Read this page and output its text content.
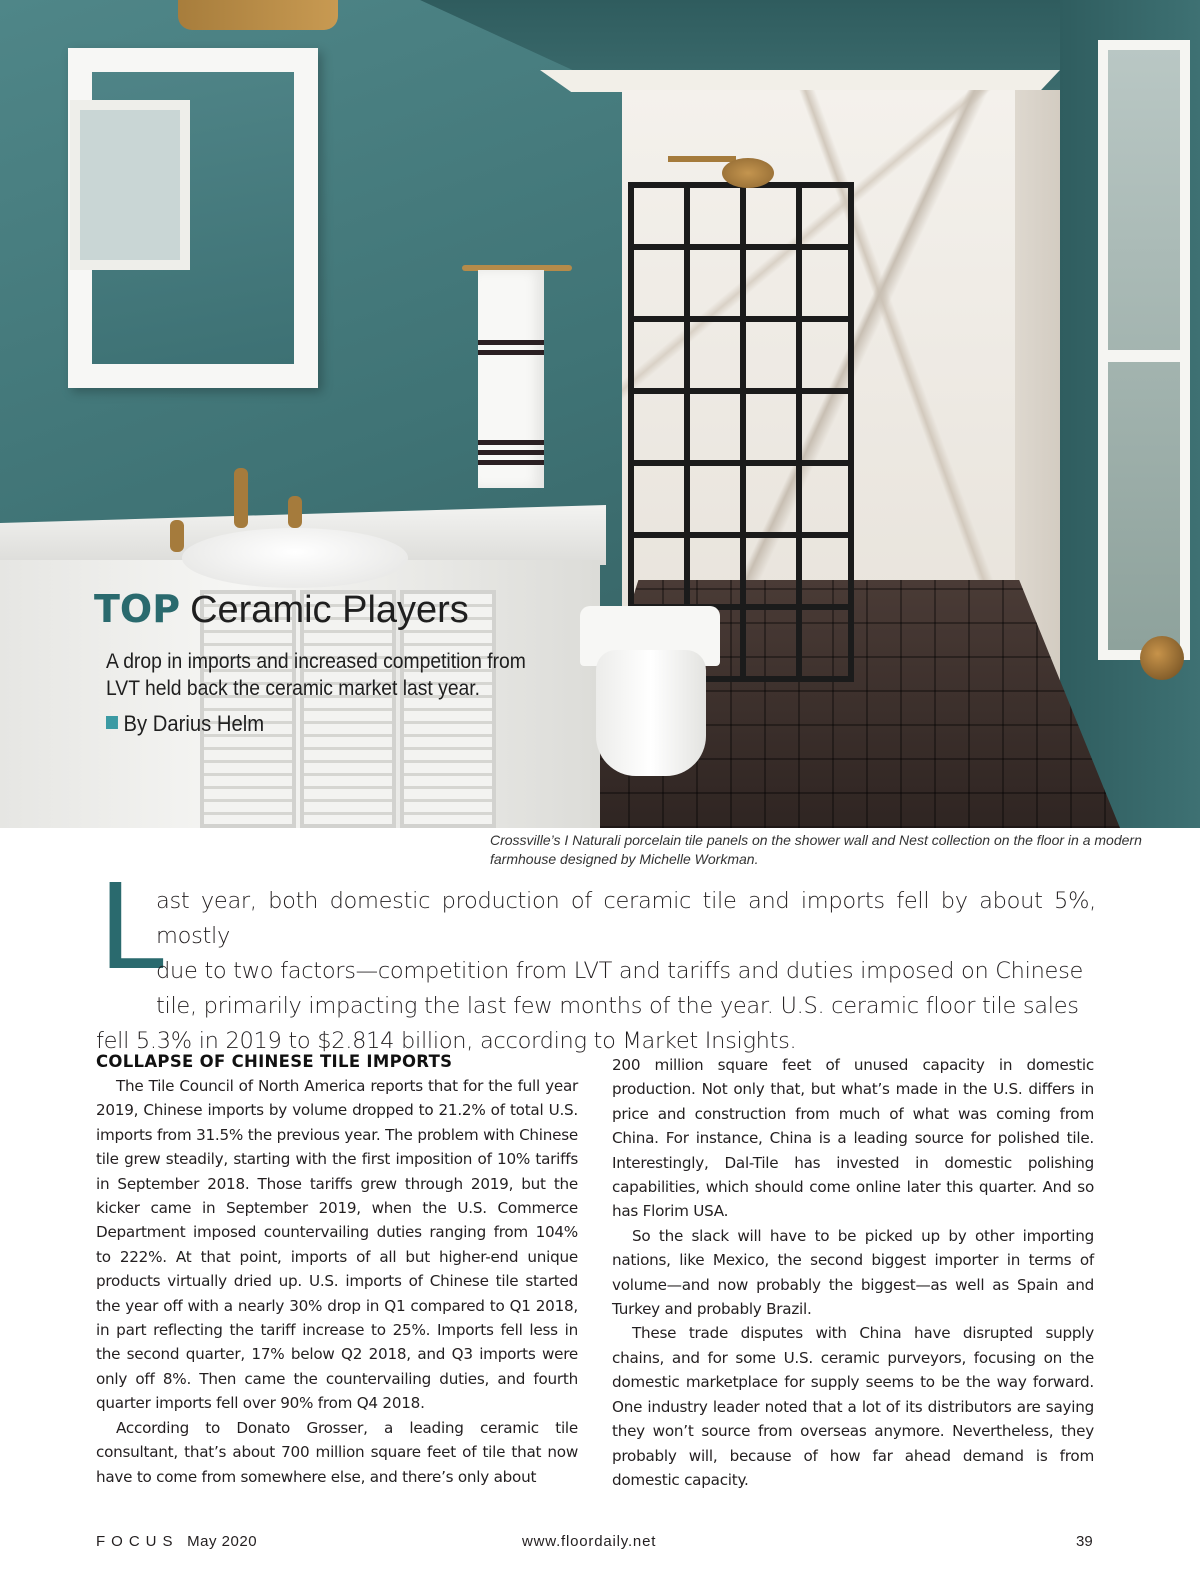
TOP Ceramic Players

A drop in imports and increased competition from LVT held back the ceramic market last year.

By Darius Helm

Crossville’s I Naturali porcelain tile panels on the shower wall and Nest collection on the floor in a modern farmhouse designed by Michelle Workman.

L

ast year, both domestic production of ceramic tile and imports fell by about 5%, mostly
due to two factors—competition from LVT and tariffs and duties imposed on Chinese
tile, primarily impacting the last few months of the year. U.S. ceramic floor tile sales
fell 5.3% in 2019 to $2.814 billion, according to Market Insights.

COLLAPSE OF CHINESE TILE IMPORTS

The Tile Council of North America reports that for the full year 2019, Chinese imports by volume dropped to 21.2% of total U.S. imports from 31.5% the previous year. The problem with Chinese tile grew steadily, starting with the first imposition of 10% tariffs in September 2018. Those tariffs grew through 2019, but the kicker came in September 2019, when the U.S. Commerce Department imposed countervailing duties ranging from 104% to 222%. At that point, imports of all but higher-end unique products virtually dried up. U.S. imports of Chinese tile started the year off with a nearly 30% drop in Q1 compared to Q1 2018, in part reflecting the tariff increase to 25%. Imports fell less in the second quarter, 17% below Q2 2018, and Q3 imports were only off 8%. Then came the countervailing duties, and fourth quarter imports fell over 90% from Q4 2018.

According to Donato Grosser, a leading ceramic tile consultant, that’s about 700 million square feet of tile that now have to come from somewhere else, and there’s only about

200 million square feet of unused capacity in domestic production. Not only that, but what’s made in the U.S. differs in price and construction from much of what was coming from China. For instance, China is a leading source for polished tile. Interestingly, Dal-Tile has invested in domestic polishing capabilities, which should come online later this quarter. And so has Florim USA.

So the slack will have to be picked up by other importing nations, like Mexico, the second biggest importer in terms of volume—and now probably the biggest—as well as Spain and Turkey and probably Brazil.

These trade disputes with China have disrupted supply chains, and for some U.S. ceramic purveyors, focusing on the domestic marketplace for supply seems to be the way forward. One industry leader noted that a lot of its distributors are saying they won’t source from overseas anymore. Nevertheless, they probably will, because of how far ahead demand is from domestic capacity.

FOCUS May 2020	www.floordaily.net	39
